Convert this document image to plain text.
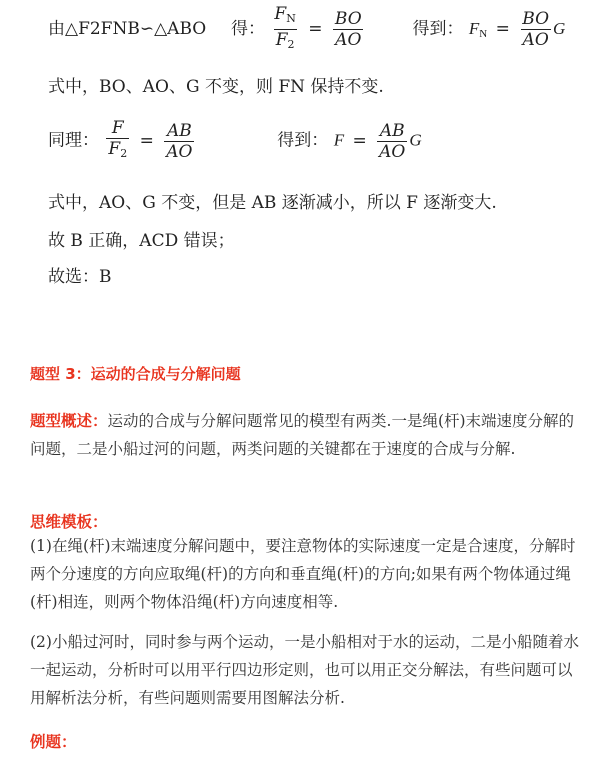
由△F2FNB∽△ABO 得： $\frac{F_N}{F_2} = \frac{BO}{AO}$	得到： $F_N = \frac{BO}{AO}$ G
式中，BO、AO、G 不变，则 FN 保持不变.
同理： $\frac{F}{F_2} = \frac{AB}{AO}$	得到： $F = \frac{AB}{AO}$ G
式中，AO、G 不变，但是 AB 逐渐减小，所以 F 逐渐变大.
故 B 正确，ACD 错误；
故选：B
题型 3：运动的合成与分解问题
题型概述：运动的合成与分解问题常见的模型有两类.一是绳(杆)末端速度分解的问题，二是小船过河的问题，两类问题的关键都在于速度的合成与分解.
思维模板：
(1)在绳(杆)末端速度分解问题中，要注意物体的实际速度一定是合速度，分解时两个分速度的方向应取绳(杆)的方向和垂直绳(杆)的方向;如果有两个物体通过绳(杆)相连，则两个物体沿绳(杆)方向速度相等.
(2)小船过河时，同时参与两个运动，一是小船相对于水的运动，二是小船随着水一起运动，分析时可以用平行四边形定则，也可以用正交分解法，有些问题可以用解析法分析，有些问题则需要用图解法分析.
例题：
